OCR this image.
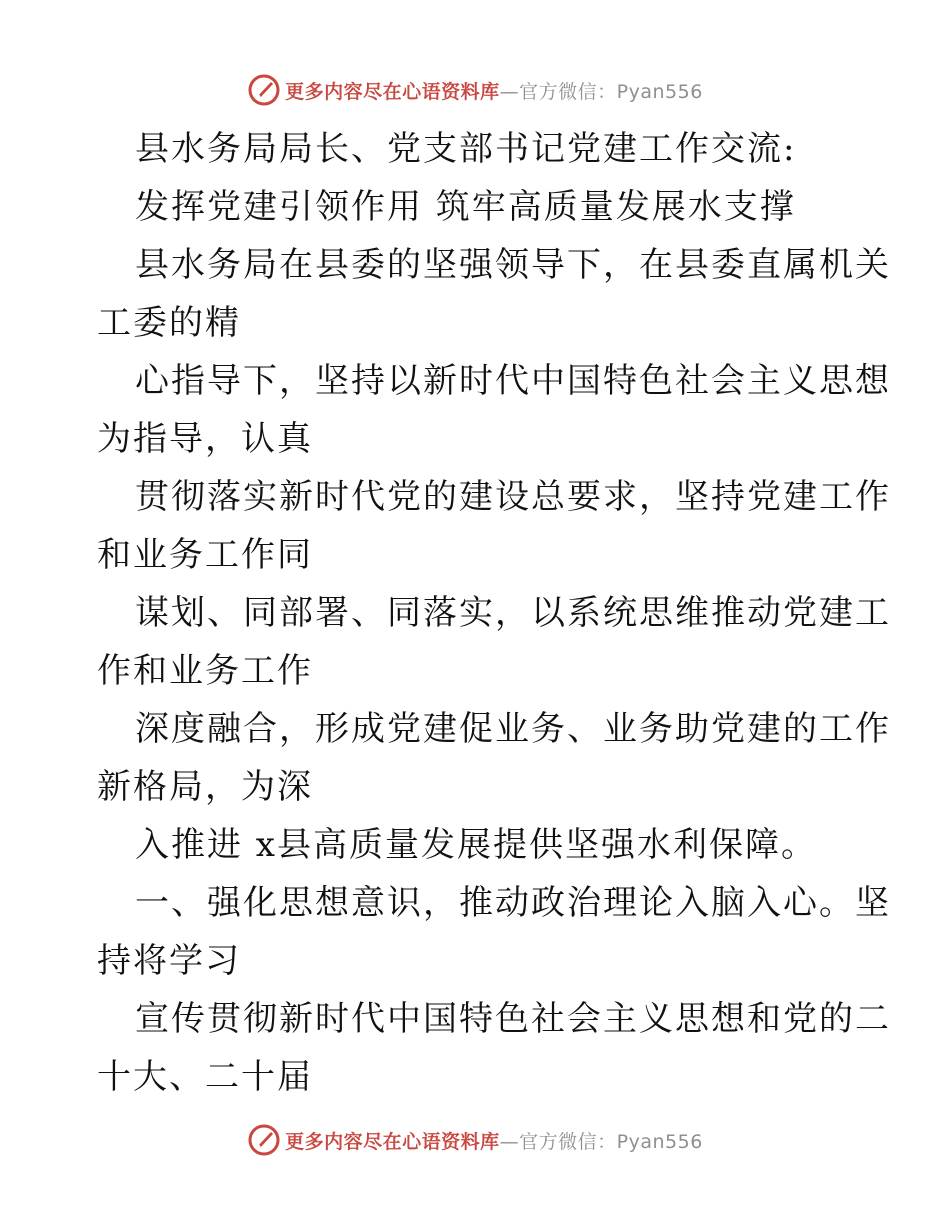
更多内容尽在心语资料库 —官方微信：Pyan556
县水务局局长、党支部书记党建工作交流:
发挥党建引领作用 筑牢高质量发展水支撑
县水务局在县委的坚强领导下，在县委直属机关
工委的精
心指导下，坚持以新时代中国特色社会主义思想
为指导，认真
贯彻落实新时代党的建设总要求，坚持党建工作
和业务工作同
谋划、同部署、同落实，以系统思维推动党建工
作和业务工作
深度融合，形成党建促业务、业务助党建的工作
新格局，为深
入推进 x县高质量发展提供坚强水利保障。
一、强化思想意识，推动政治理论入脑入心。坚
持将学习
宣传贯彻新时代中国特色社会主义思想和党的二
十大、二十届
更多内容尽在心语资料库 —官方微信：Pyan556
